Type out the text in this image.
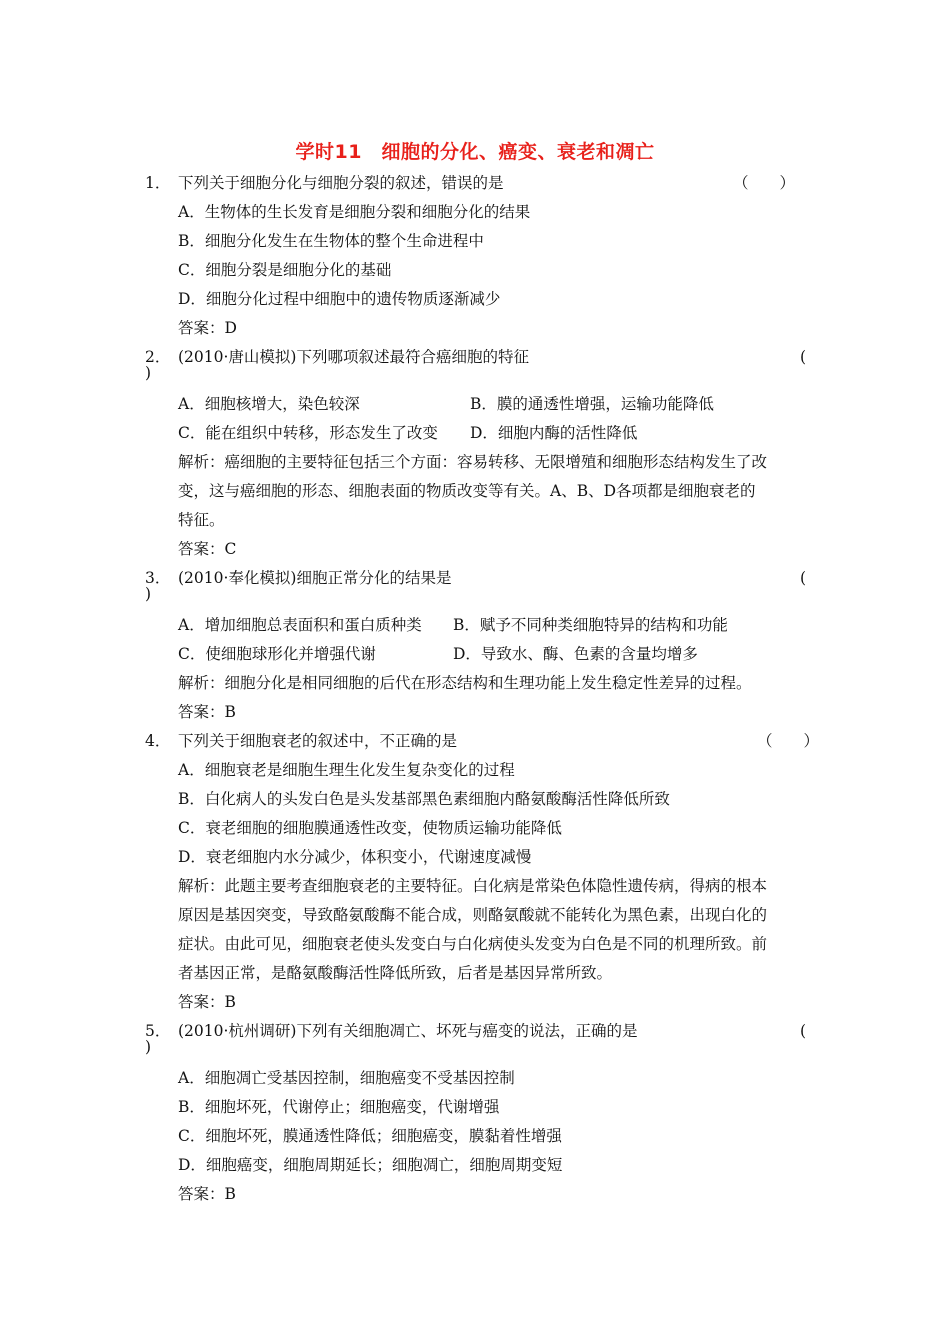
学时11　细胞的分化、癌变、衰老和凋亡
1． 下列关于细胞分化与细胞分裂的叙述，错误的是	（　　）
A．生物体的生长发育是细胞分裂和细胞分化的结果
B．细胞分化发生在生物体的整个生命进程中
C．细胞分裂是细胞分化的基础
D．细胞分化过程中细胞中的遗传物质逐渐减少
答案：D
2． (2010·唐山模拟)下列哪项叙述最符合癌细胞的特征	(
)
A．细胞核增大，染色较深	B．膜的通透性增强，运输功能降低
C．能在组织中转移，形态发生了改变 D．细胞内酶的活性降低
解析：癌细胞的主要特征包括三个方面：容易转移、无限增殖和细胞形态结构发生了改
变，这与癌细胞的形态、细胞表面的物质改变等有关。A、B、D各项都是细胞衰老的
特征。
答案：C
3． (2010·奉化模拟)细胞正常分化的结果是	(
)
A．增加细胞总表面积和蛋白质种类 B．赋予不同种类细胞特异的结构和功能
C．使细胞球形化并增强代谢	D．导致水、酶、色素的含量均增多
解析：细胞分化是相同细胞的后代在形态结构和生理功能上发生稳定性差异的过程。
答案：B
4． 下列关于细胞衰老的叙述中，不正确的是	（　　）
A．细胞衰老是细胞生理生化发生复杂变化的过程
B．白化病人的头发白色是头发基部黑色素细胞内酪氨酸酶活性降低所致
C．衰老细胞的细胞膜通透性改变，使物质运输功能降低
D．衰老细胞内水分减少，体积变小，代谢速度减慢
解析：此题主要考查细胞衰老的主要特征。白化病是常染色体隐性遗传病，得病的根本
原因是基因突变，导致酪氨酸酶不能合成，则酪氨酸就不能转化为黑色素，出现白化的
症状。由此可见，细胞衰老使头发变白与白化病使头发变为白色是不同的机理所致。前
者基因正常，是酪氨酸酶活性降低所致，后者是基因异常所致。
答案：B
5． (2010·杭州调研)下列有关细胞凋亡、坏死与癌变的说法，正确的是	(
)
A．细胞凋亡受基因控制，细胞癌变不受基因控制
B．细胞坏死，代谢停止；细胞癌变，代谢增强
C．细胞坏死，膜通透性降低；细胞癌变，膜黏着性增强
D．细胞癌变，细胞周期延长；细胞凋亡，细胞周期变短
答案：B
